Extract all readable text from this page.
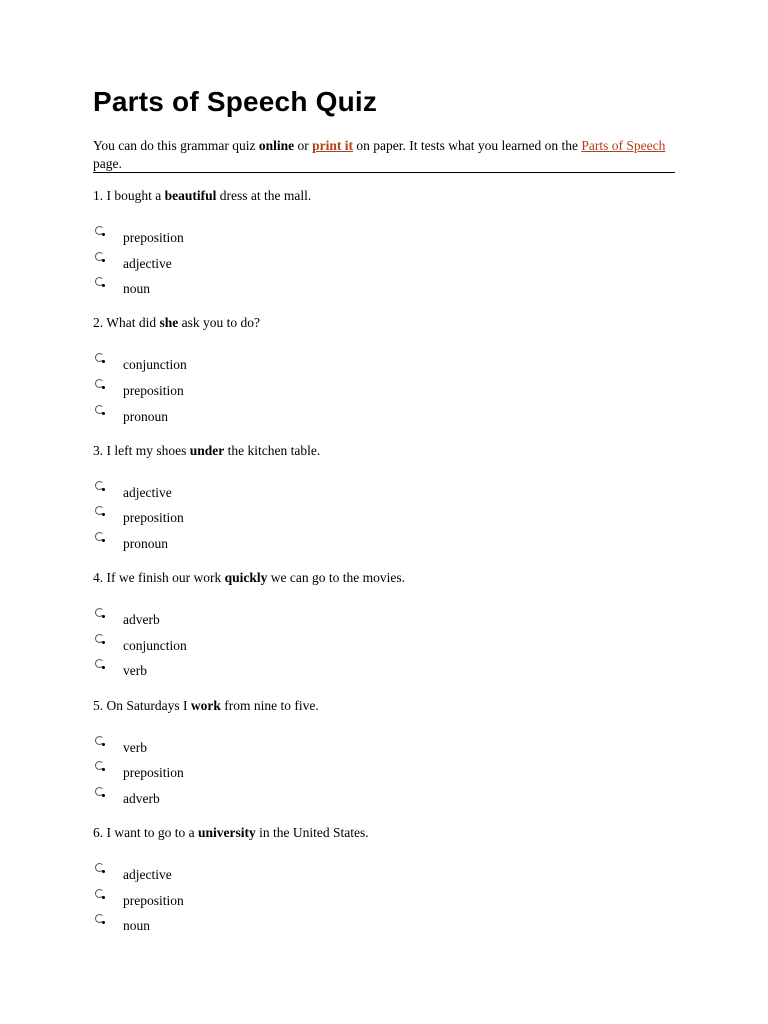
Parts of Speech Quiz
You can do this grammar quiz online or print it on paper. It tests what you learned on the Parts of Speech page.
1. I bought a beautiful dress at the mall.
preposition
adjective
noun
2. What did she ask you to do?
conjunction
preposition
pronoun
3. I left my shoes under the kitchen table.
adjective
preposition
pronoun
4. If we finish our work quickly we can go to the movies.
adverb
conjunction
verb
5. On Saturdays I work from nine to five.
verb
preposition
adverb
6. I want to go to a university in the United States.
adjective
preposition
noun
